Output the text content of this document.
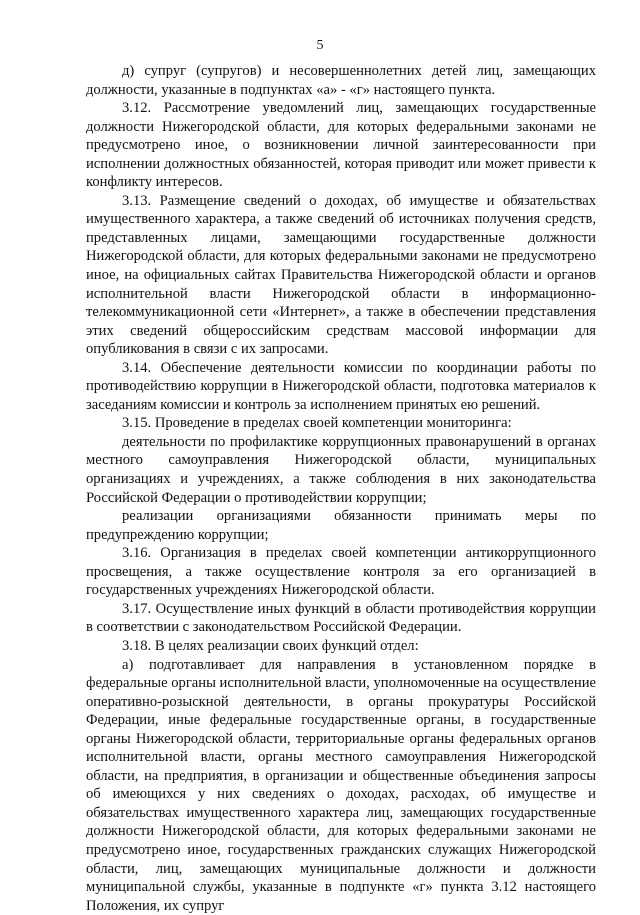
5

д) супруг (супругов) и несовершеннолетних детей лиц, замещающих должности, указанные в подпунктах «а» - «г» настоящего пункта.

3.12. Рассмотрение уведомлений лиц, замещающих государственные должности Нижегородской области, для которых федеральными законами не предусмотрено иное, о возникновении личной заинтересованности при исполнении должностных обязанностей, которая приводит или может привести к конфликту интересов.

3.13. Размещение сведений о доходах, об имуществе и обязательствах имущественного характера, а также сведений об источниках получения средств, представленных лицами, замещающими государственные должности Нижегородской области, для которых федеральными законами не предусмотрено иное, на официальных сайтах Правительства Нижегородской области и органов исполнительной власти Нижегородской области в информационно-телекоммуникационной сети «Интернет», а также в обеспечении представления этих сведений общероссийским средствам массовой информации для опубликования в связи с их запросами.

3.14. Обеспечение деятельности комиссии по координации работы по противодействию коррупции в Нижегородской области, подготовка материалов к заседаниям комиссии и контроль за исполнением принятых ею решений.

3.15. Проведение в пределах своей компетенции мониторинга:

деятельности по профилактике коррупционных правонарушений в органах местного самоуправления Нижегородской области, муниципальных организациях и учреждениях, а также соблюдения в них законодательства Российской Федерации о противодействии коррупции;

реализации организациями обязанности принимать меры по предупреждению коррупции;

3.16. Организация в пределах своей компетенции антикоррупционного просвещения, а также осуществление контроля за его организацией в государственных учреждениях Нижегородской области.

3.17. Осуществление иных функций в области противодействия коррупции в соответствии с законодательством Российской Федерации.

3.18. В целях реализации своих функций отдел:

а) подготавливает для направления в установленном порядке в федеральные органы исполнительной власти, уполномоченные на осуществление оперативно-розыскной деятельности, в органы прокуратуры Российской Федерации, иные федеральные государственные органы, в государственные органы Нижегородской области, территориальные органы федеральных органов исполнительной власти, органы местного самоуправления Нижегородской области, на предприятия, в организации и общественные объединения запросы об имеющихся у них сведениях о доходах, расходах, об имуществе и обязательствах имущественного характера лиц, замещающих государственные должности Нижегородской области, для которых федеральными законами не предусмотрено иное, государственных гражданских служащих Нижегородской области, лиц, замещающих муниципальные должности и должности муниципальной службы, указанные в подпункте «г» пункта 3.12 настоящего Положения, их супруг
